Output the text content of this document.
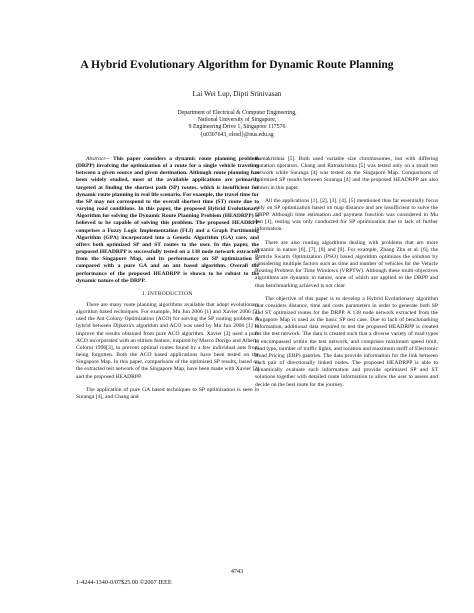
A Hybrid Evolutionary Algorithm for Dynamic Route Planning
Lai Wei Lup, Dipti Srinivasan
Department of Electrical & Computer Engineering,
National University of Singapore,
9 Engineering Drive 1, Singapore 117576
{u0307643, elesd}@nus.edu.sg

Abstract— This paper considers a dynamic route planning problem (DRPP) involving the optimization of a route for a single vehicle traveling between a given source and given destination. Although route planning has been widely studied, most of the available applications are primarily targeted at finding the shortest path (SP) routes, which is insufficient for dynamic route planning in real life scenario. For example, the travel time for the SP may not correspond to the overall shortest time (ST) route due to varying road conditions. In this paper, the proposed Hybrid Evolutionary Algorithm for solving the Dynamic Route Planning Problem (HEADRPP) is believed to be capable of solving this problem. The proposed HEADRPP comprises a Fuzzy Logic Implementation (FLI) and a Graph Partitioning Algorithm (GPA) incorporated into a Genetic Algorithm (GA) core, and offers both optimized SP and ST routes to the user. In this paper, the proposed HEADRPP is successfully tested on a 138 node network extracted from the Singapore Map, and its performance on SP optimization is compared with a pure GA and an ant based algorithm. Overall the performance of the proposed HEADRPP is shown to be robust to the dynamic nature of the DRPP.

I. INTRODUCTION

There are many route planning algorithms available that adopt evolutionary algorithm based techniques. For example, Mu Jun 2006 [1] and Xavier 2006 [2] used the Ant Colony Optimization (ACO) for solving the SP routing problem. A hybrid between Dijkstra's algorithm and ACO was used by Mu Jun 2006 [1] to improve the results obtained from pure ACO algorithm. Xavier [2] used a pure ACO incorporated with an elitism feature, inspired by Marco Dorigo and Alberto Colorni 1996[3], to prevent optimal routes found by a few individual ants from being forgotten. Both the ACO based applications have been tested on the Singapore Map. In this paper, comparisons of the optimized SP results, based on the extracted test network of the Singapore Map, have been made with Xavier [2] and the proposed HEADRPP.

The application of pure GA based techniques to SP optimization is seen in Suranga [4], and Chang and

Ramakrishna [5]. Both used variable size chromosomes, but with differing mutation operators. Chang and Ramakrishna [5] was tested only on a small test network while Suranga [4] was tested on the Singapore Map. Comparisons of optimized SP results between Suranga [4] and the proposed HEADRPP are also drawn in this paper.

All the applications [1], [2], [3], [4], [5] mentioned thus far essentially focus only on SP optimization based on map distance and are insufficient to solve the DRPP. Although time estimation and payment function was considered in Mu Jun [1], testing was only conducted for SP optimization due to lack of further information.

There are also routing algorithms dealing with problems that are more dynamic in nature [6], [7], [8] and [9]. For example, Zhang Zhu et al. [6], the Particle Swarm Optimization (PSO) based algorithm optimizes the solution by considering multiple factors such as time and number of vehicles for the Vehicle Routing Problem for Time Windows (VRPTW). Although these multi-objectives algorithms are dynamic in nature, none of which are applied to the DRPP and thus benchmarking achieved is not clear.

The objective of this paper is to develop a Hybrid Evolutionary algorithm that considers distance, time and costs parameters in order to generate both SP and ST optimized routes for the DRPP. A 138 node network extracted from the Singapore Map is used as the basic SP test case. Due to lack of benchmarking information, additional data required to test the proposed HEADRPP is created for the test network. The data is created such that a diverse variety of road types is encompassed within the test network, and comprises maximum speed limit, road type, number of traffic lights, and location and maximum tariff of Electronic Road Pricing (ERP) gantries. The data provide information for the link between each pair of directionally linked nodes. The proposed HEADRPP is able to dynamically evaluate such information and provide optimized SP and ST solutions together with detailed route information to allow the user to assess and decide on the best route for the journey.

4743
1-4244-1340-0/07$25.00 ©2007 IEEE
